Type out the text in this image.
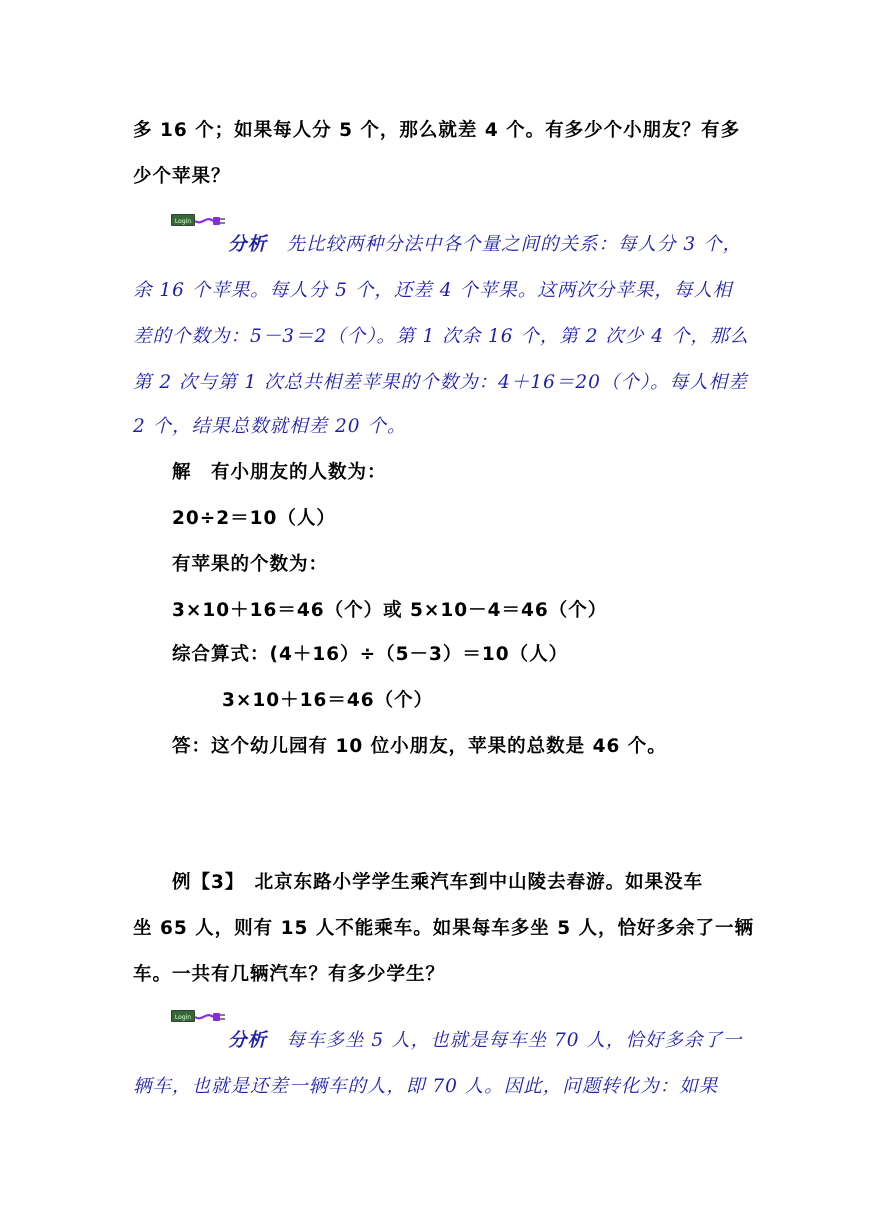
多 16 个；如果每人分 5 个，那么就差 4 个。有多少个小朋友？有多
少个苹果？
Login
分析　 先比较两种分法中各个量之间的关系：每人分 3 个，
余 16 个苹果。每人分 5 个，还差 4 个苹果。这两次分苹果，每人相
差的个数为：5－3＝2（个）。第 1 次余 16 个，第 2 次少 4 个，那么
第 2 次与第 1 次总共相差苹果的个数为：4＋16＝20（个）。每人相差
2 个，结果总数就相差 20 个。
解　有小朋友的人数为：
20÷2＝10（人）
有苹果的个数为：
3×10＋16＝46（个）或 5×10－4＝46（个）
综合算式：(4＋16）÷（5－3）＝10（人）
3×10＋16＝46（个）
答：这个幼儿园有 10 位小朋友，苹果的总数是 46 个。
例【3】　北京东路小学学生乘汽车到中山陵去春游。如果没车
坐 65 人，则有 15 人不能乘车。如果每车多坐 5 人，恰好多余了一辆
车。一共有几辆汽车？有多少学生？
Login
分析　 每车多坐 5 人，也就是每车坐 70 人，恰好多余了一
辆车，也就是还差一辆车的人，即 70 人。因此，问题转化为：如果
